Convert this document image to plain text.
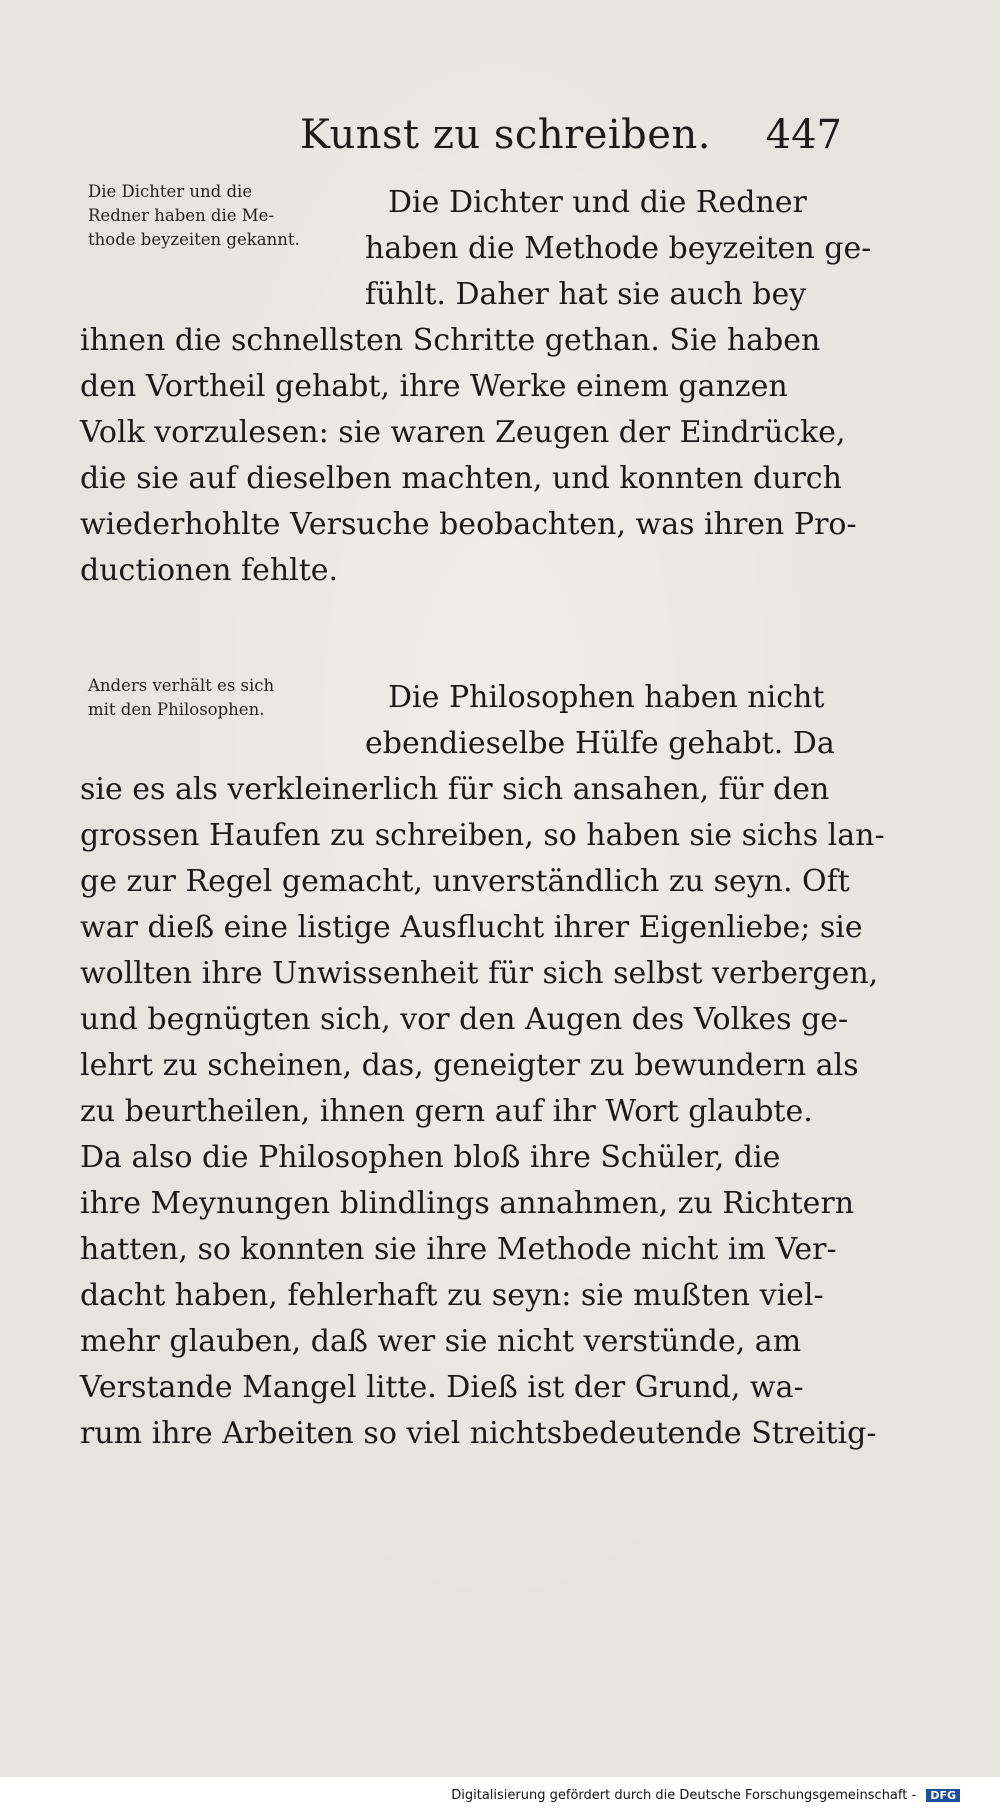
Kunst zu schreiben. 447
Die Dichter und die
Redner haben die Me-
thode beyzeiten gekannt.
Die Dichter und die Redner
haben die Methode beyzeiten ge-
fühlt. Daher hat sie auch bey
ihnen die schnellsten Schritte gethan. Sie haben
den Vortheil gehabt, ihre Werke einem ganzen
Volk vorzulesen: sie waren Zeugen der Eindrücke,
die sie auf dieselben machten, und konnten durch
wiederhohlte Versuche beobachten, was ihren Pro-
ductionen fehlte.
Anders verhält es sich
mit den Philosophen.	Die Philosophen haben nicht
ebendieselbe Hülfe gehabt. Da
sie es als verkleinerlich für sich ansahen, für den
grossen Haufen zu schreiben, so haben sie sichs lan-
ge zur Regel gemacht, unverständlich zu seyn. Oft
war dieß eine listige Ausflucht ihrer Eigenliebe; sie
wollten ihre Unwissenheit für sich selbst verbergen,
und begnügten sich, vor den Augen des Volkes ge-
lehrt zu scheinen, das, geneigter zu bewundern als
zu beurtheilen, ihnen gern auf ihr Wort glaubte.
Da also die Philosophen bloß ihre Schüler, die
ihre Meynungen blindlings annahmen, zu Richtern
hatten, so konnten sie ihre Methode nicht im Ver-
dacht haben, fehlerhaft zu seyn: sie mußten viel-
mehr glauben, daß wer sie nicht verstünde, am
Verstande Mangel litte. Dieß ist der Grund, wa-
rum ihre Arbeiten so viel nichtsbedeutende Streitig-
Digitalisierung gefördert durch die Deutsche Forschungsgemeinschaft - DFG
